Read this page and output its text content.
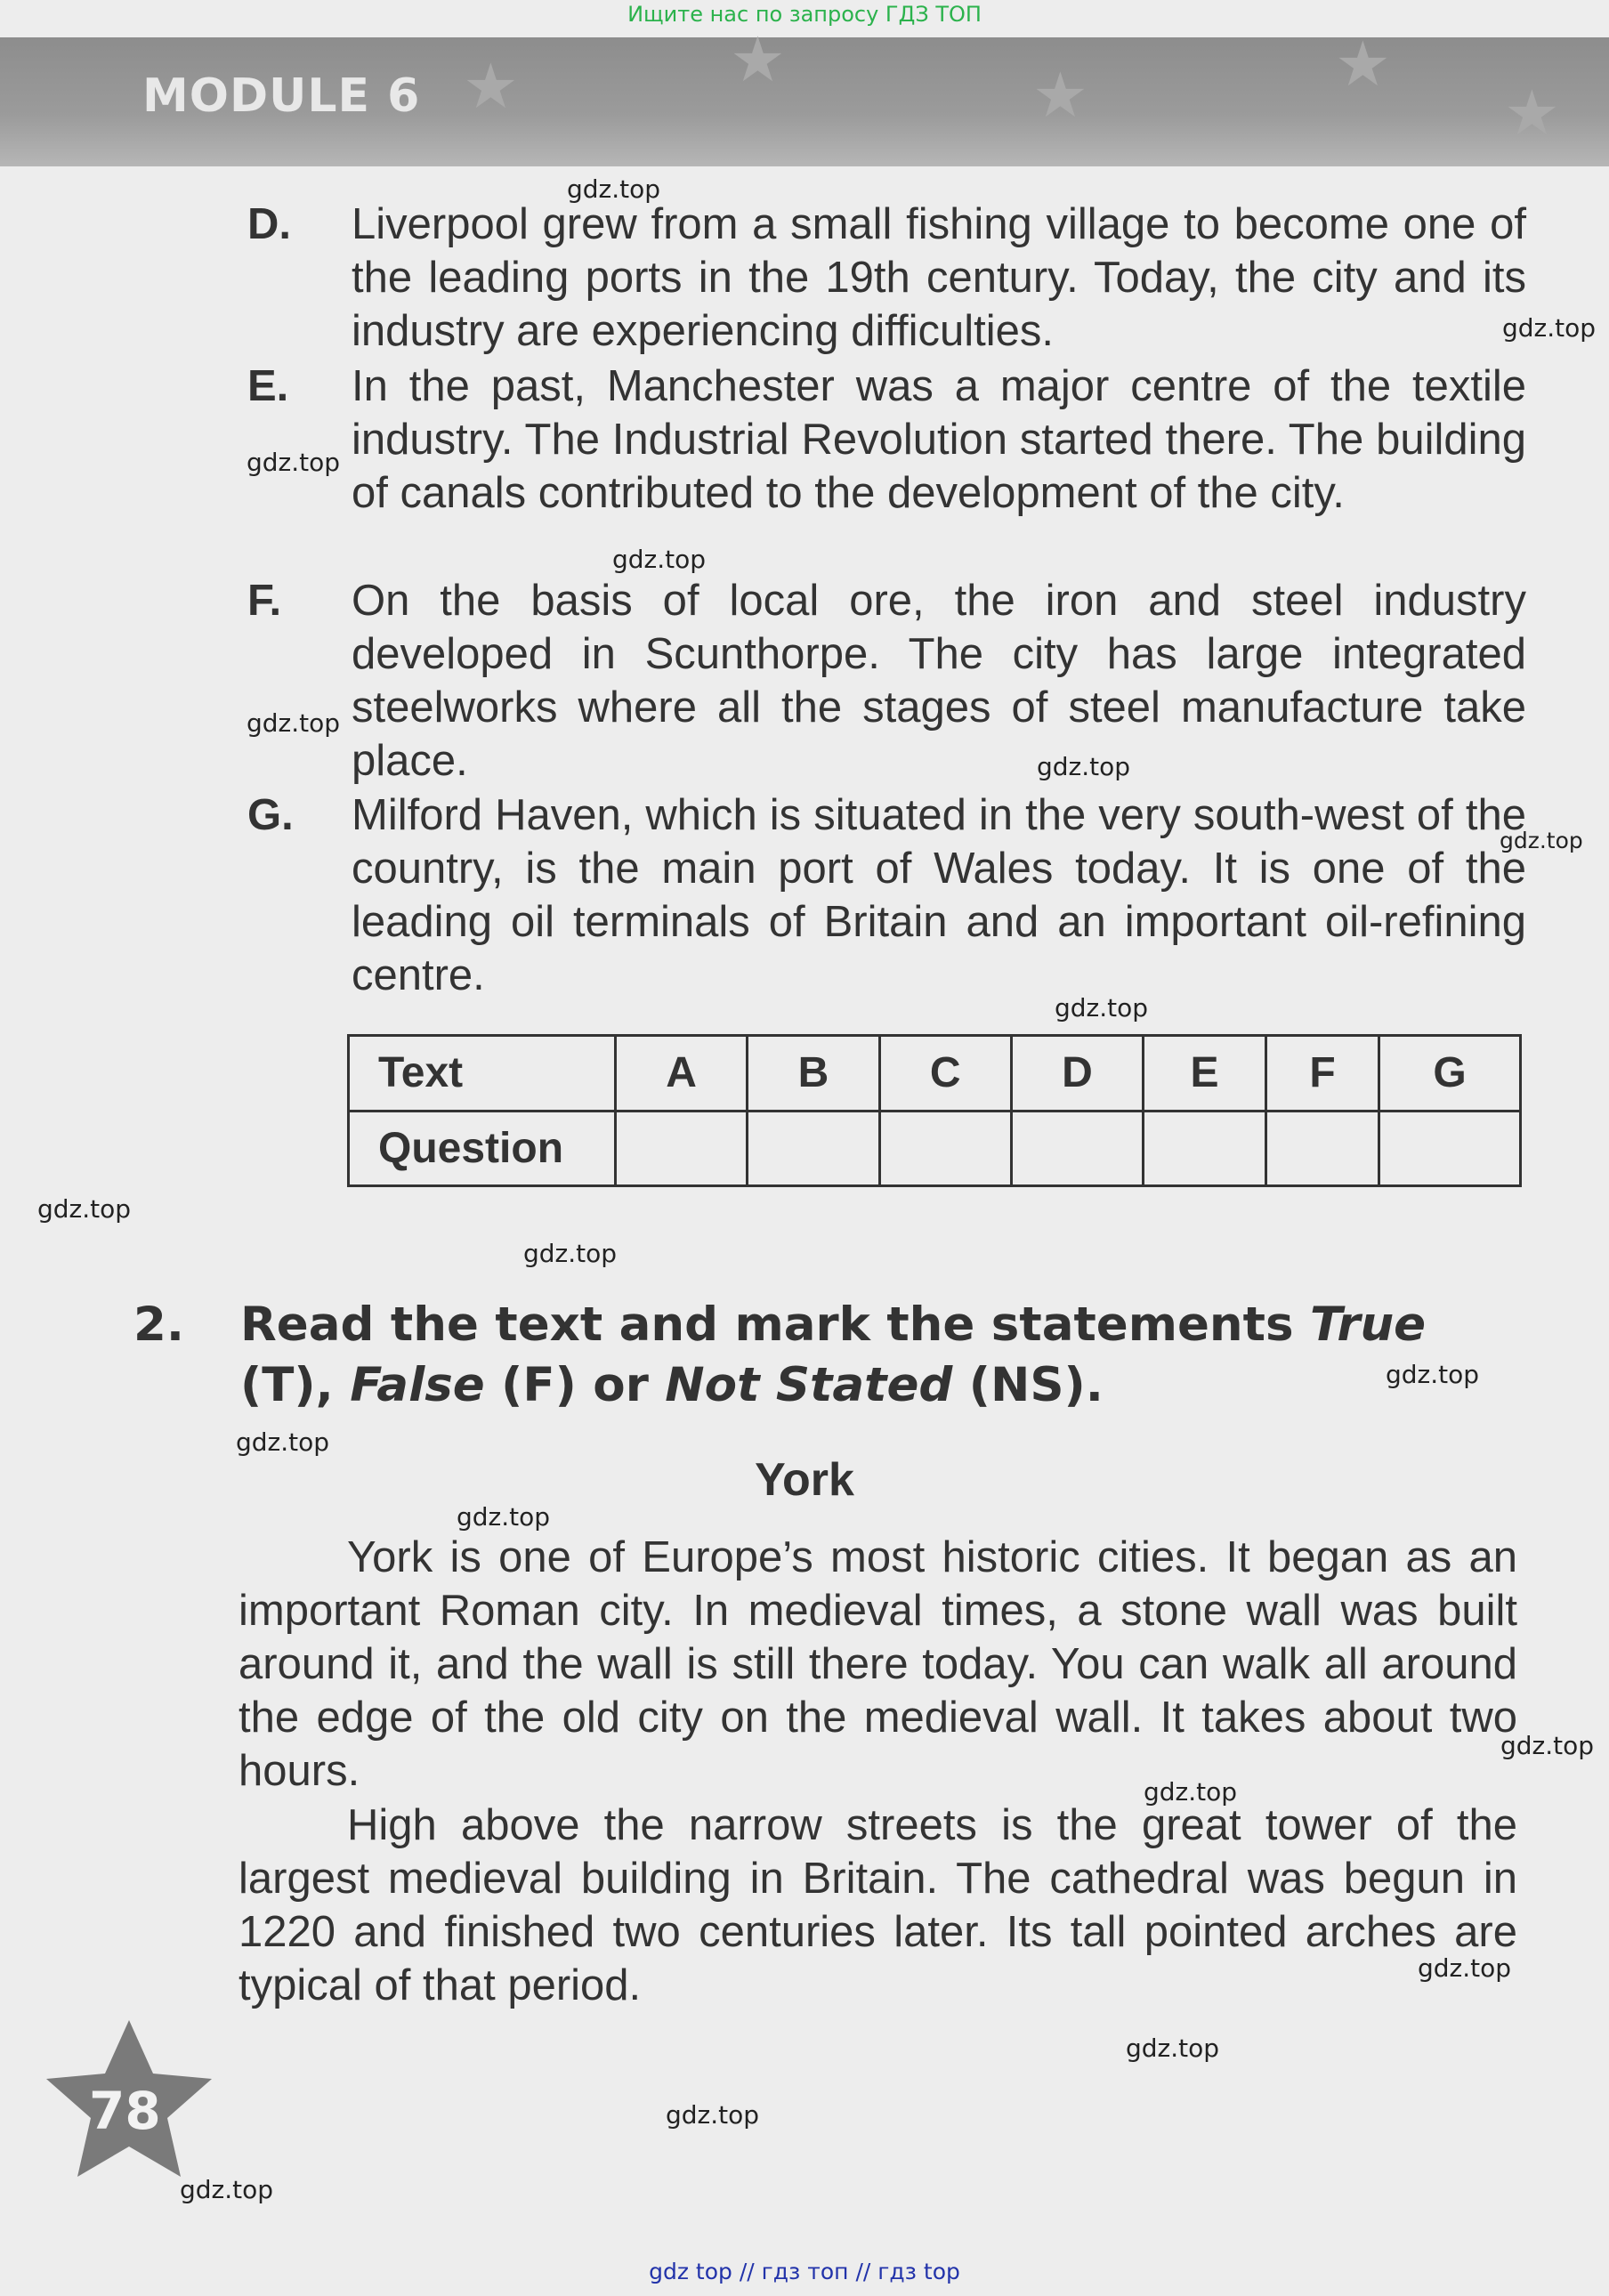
Ищите нас по запросу ГДЗ ТОП
★	★
★	★
★
MODULE 6
D. Liverpool grew from a small fishing village to become one of the leading ports in the 19th century. Today, the city and its industry are experiencing difficulties.
E. In the past, Manchester was a major centre of the textile industry. The Industrial Revolution started there. The building of canals contributed to the development of the city.
F. On the basis of local ore, the iron and steel industry developed in Scunthorpe. The city has large integrated steelworks where all the stages of steel manufacture take place.
G. Milford Haven, which is situated in the very south-west of the country, is the main port of Wales today. It is one of the leading oil terminals of Britain and an important oil-refining centre.
Text	A	B	C	D	E	F	G
Question							
2. Read the text and mark the statements True (T), False (F) or Not Stated (NS).
York
York is one of Europe’s most historic cities. It began as an important Roman city. In medieval times, a stone wall was built around it, and the wall is still there today. You can walk all around the edge of the old city on the medieval wall. It takes about two hours.
High above the narrow streets is the great tower of the largest medieval building in Britain. The cathedral was begun in 1220 and finished two centuries later. Its tall pointed arches are typical of that period.
78
gdz.top
gdz.top
gdz.top
gdz.top
gdz.top
gdz.top
gdz.top
gdz.top
gdz.top
gdz.top
gdz.top
gdz.top
gdz.top
gdz.top
gdz.top
gdz.top
gdz.top
gdz.top
gdz.top
gdz top // гдз топ // гдз top
